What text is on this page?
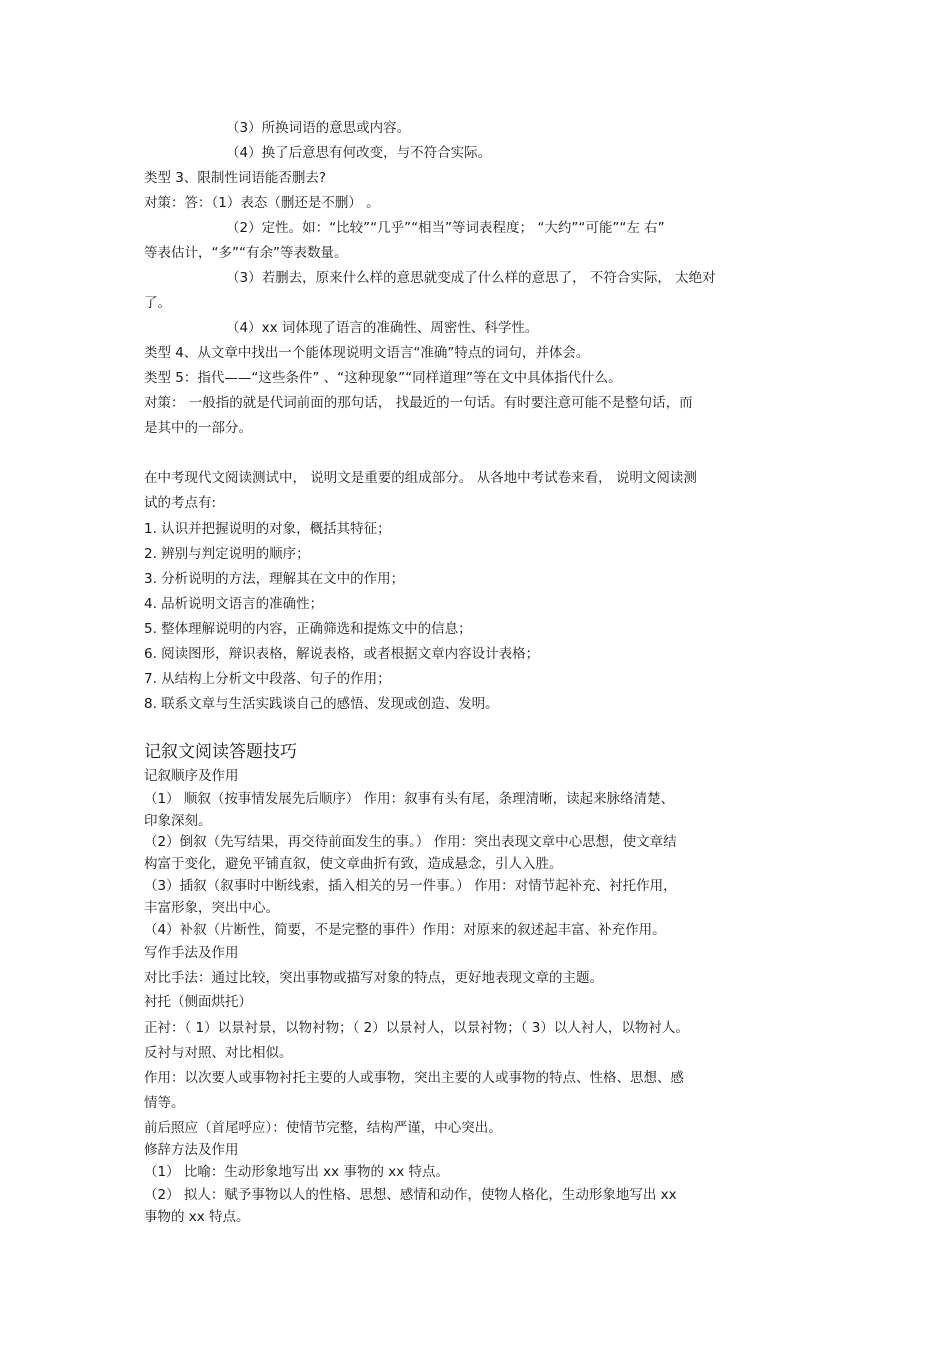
（3）所换词语的意思或内容。
（4）换了后意思有何改变，与不符合实际。
类型 3、限制性词语能否删去?
对策：答：（1）表态（删还是不删） 。
（2）定性。如：“比较”“几乎”“相当”等词表程度； “大约”“可能”“左 右”
等表估计，“多”“有余”等表数量。
（3）若删去，原来什么样的意思就变成了什么样的意思了， 不符合实际， 太绝对
了。
（4）xx 词体现了语言的准确性、周密性、科学性。
类型 4、从文章中找出一个能体现说明文语言“准确”特点的词句，并体会。
类型 5：指代——“这些条件” 、“这种现象”“同样道理”等在文中具体指代什么。
对策： 一般指的就是代词前面的那句话， 找最近的一句话。有时要注意可能不是整句话，而
是其中的一部分。
在中考现代文阅读测试中， 说明文是重要的组成部分。 从各地中考试卷来看， 说明文阅读测
试的考点有:
1. 认识并把握说明的对象，概括其特征；
2. 辨别与判定说明的顺序；
3. 分析说明的方法，理解其在文中的作用；
4. 品析说明文语言的准确性；
5. 整体理解说明的内容，正确筛选和提炼文中的信息；
6. 阅读图形，辩识表格，解说表格，或者根据文章内容设计表格；
7. 从结构上分析文中段落、句子的作用；
8. 联系文章与生活实践谈自己的感悟、发现或创造、发明。
记叙文阅读答题技巧
记叙顺序及作用
（1） 顺叙（按事情发展先后顺序） 作用：叙事有头有尾，条理清晰，读起来脉络清楚、
印象深刻。
（2）倒叙（先写结果，再交待前面发生的事。） 作用：突出表现文章中心思想，使文章结
构富于变化，避免平铺直叙，使文章曲折有致，造成悬念，引人入胜。
（3）插叙（叙事时中断线索，插入相关的另一件事。） 作用：对情节起补充、衬托作用，
丰富形象，突出中心。
（4）补叙（片断性，简要，不是完整的事件）作用：对原来的叙述起丰富、补充作用。
写作手法及作用
对比手法：通过比较，突出事物或描写对象的特点，更好地表现文章的主题。
衬托（侧面烘托）
正衬：（ 1）以景衬景，以物衬物；（ 2）以景衬人，以景衬物；（ 3）以人衬人，以物衬人。
反衬与对照、对比相似。
作用：以次要人或事物衬托主要的人或事物，突出主要的人或事物的特点、性格、思想、感
情等。
前后照应（首尾呼应）：使情节完整，结构严谨，中心突出。
修辞方法及作用
（1） 比喻：生动形象地写出 xx 事物的 xx 特点。
（2） 拟人：赋予事物以人的性格、思想、感情和动作，使物人格化，生动形象地写出 xx
事物的 xx 特点。
